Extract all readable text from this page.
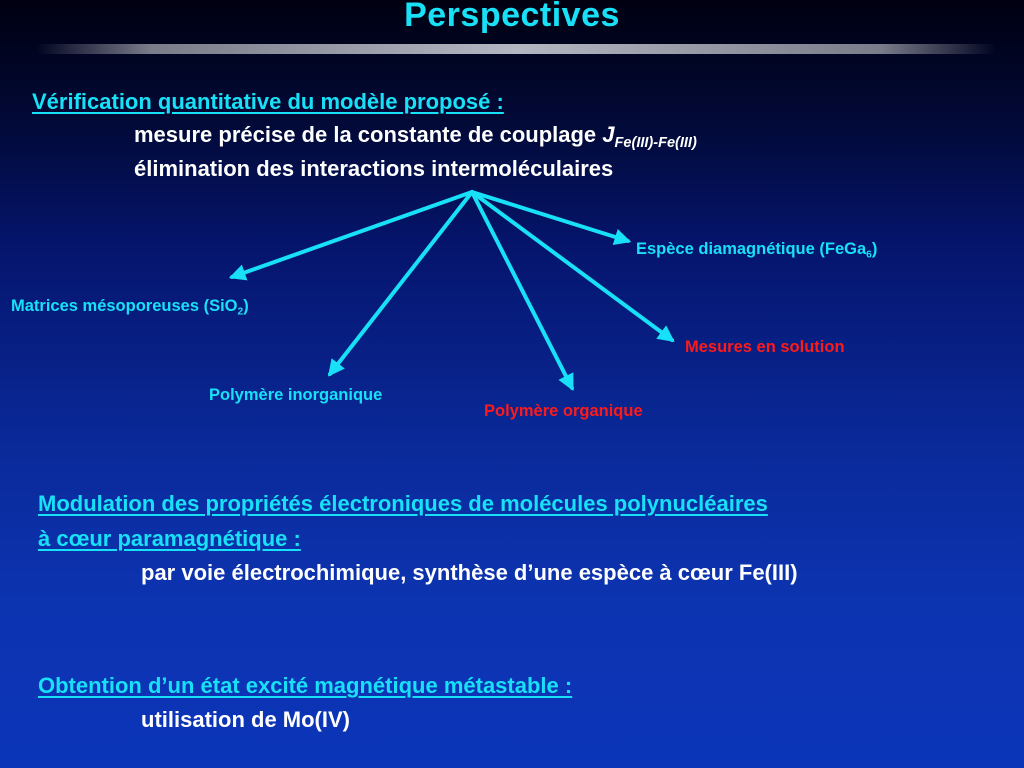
Perspectives
Vérification quantitative du modèle proposé :
mesure précise de la constante de couplage $J_{Fe(III)-Fe(III)}$
élimination des interactions intermoléculaires
Espèce diamagnétique (FeGa$_6$)
Matrices mésoporeuses (SiO$_2$)
Mesures en solution
Polymère inorganique
Polymère organique
Modulation des propriétés électroniques de molécules polynucléaires
à cœur paramagnétique :
par voie électrochimique, synthèse d’une espèce à cœur Fe(III)
Obtention d’un état excité magnétique métastable :
utilisation de Mo(IV)
